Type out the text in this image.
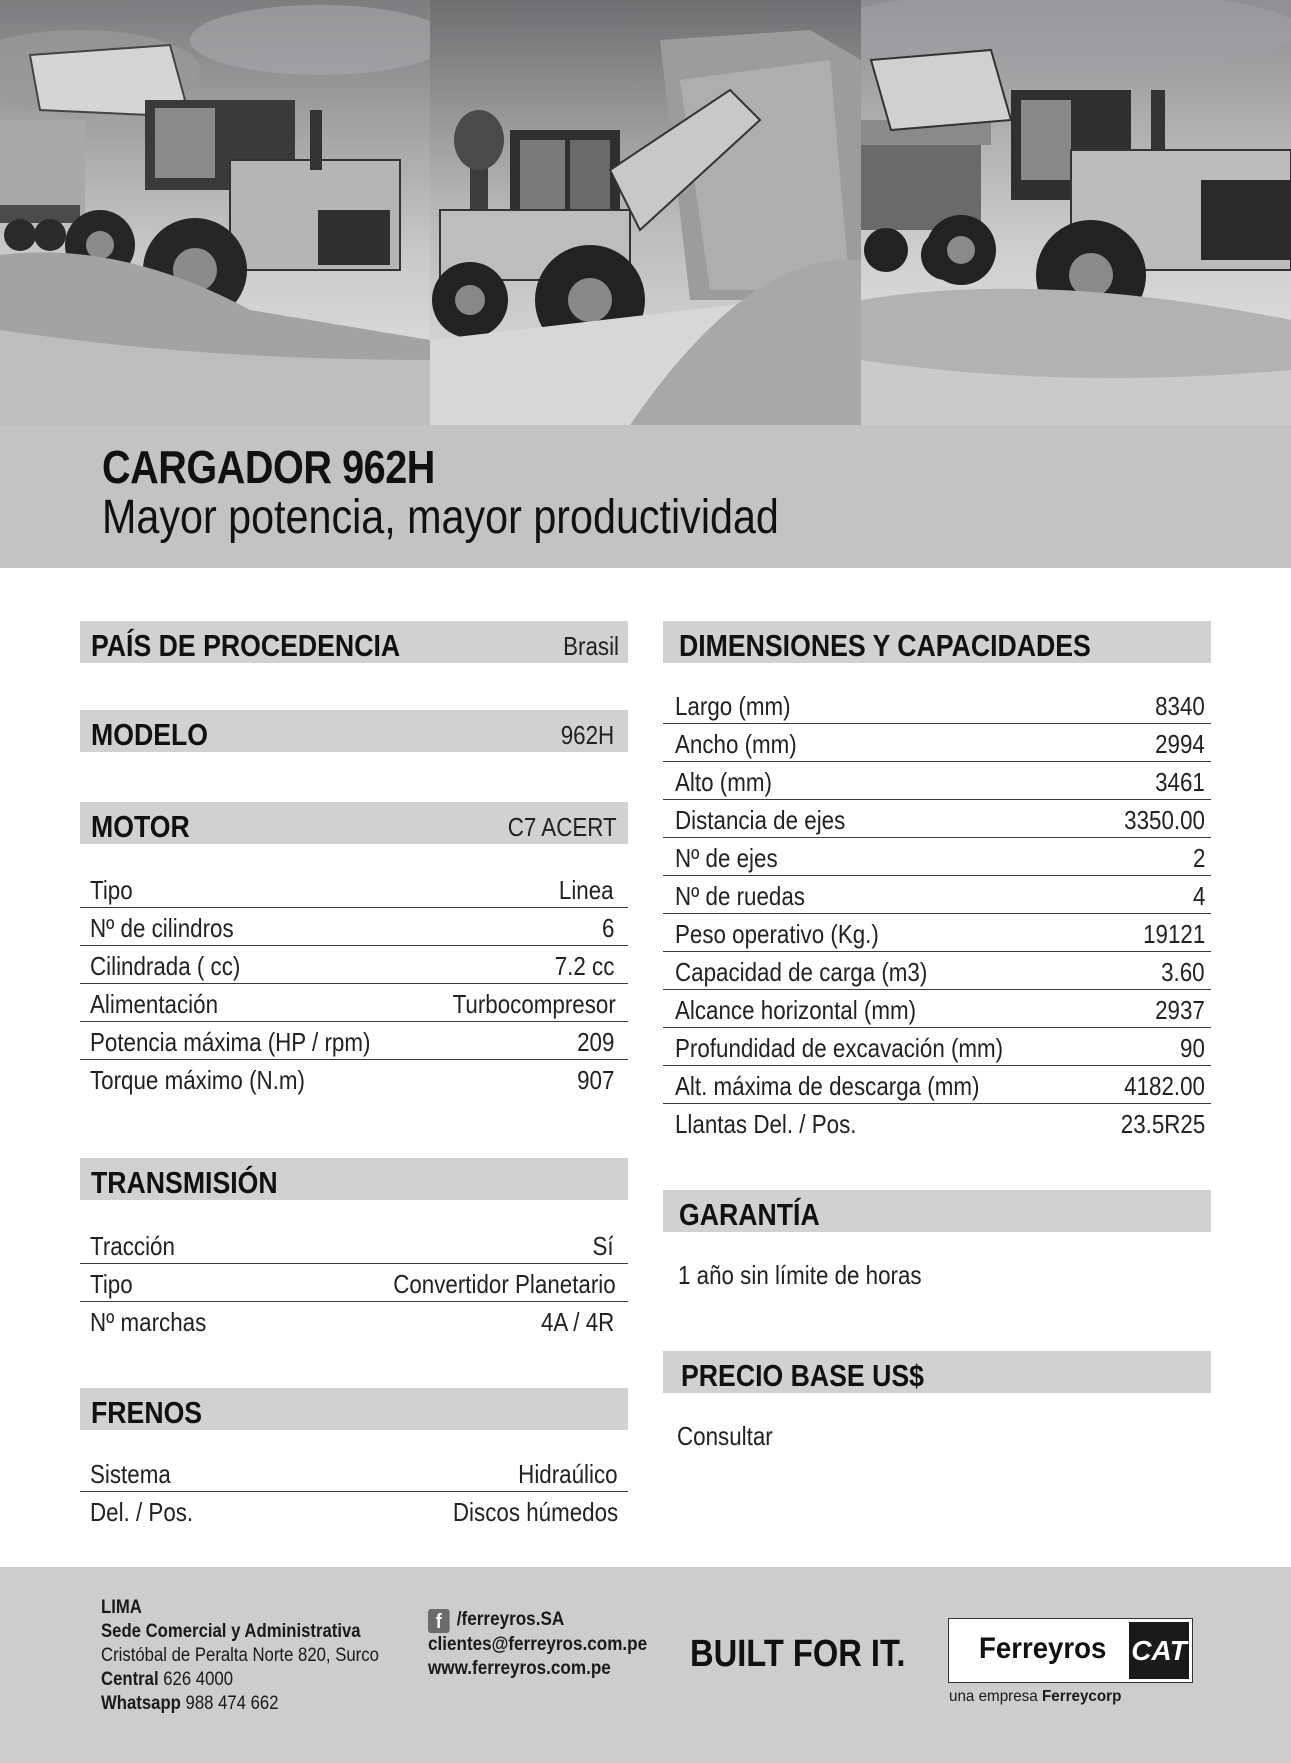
CARGADOR 962H
Mayor potencia, mayor productividad
PAÍS DE PROCEDENCIA	Brasil
MODELO	962H
MOTOR	C7 ACERT
Tipo	Linea
Nº de cilindros	6
Cilindrada ( cc)	7.2 cc
Alimentación	Turbocompresor
Potencia máxima (HP / rpm)	209
Torque máximo (N.m)	907
TRANSMISIÓN
Tracción	Sí
Tipo	Convertidor Planetario
Nº marchas	4A / 4R
FRENOS
Sistema	Hidraúlico
Del. / Pos.	Discos húmedos
DIMENSIONES Y CAPACIDADES
Largo (mm)	8340
Ancho (mm)	2994
Alto (mm)	3461
Distancia de ejes	3350.00
Nº de ejes	2
Nº de ruedas	4
Peso operativo (Kg.)	19121
Capacidad de carga (m3)	3.60
Alcance horizontal (mm)	2937
Profundidad de excavación (mm)	90
Alt. máxima de descarga (mm)	4182.00
Llantas Del. / Pos.	23.5R25
GARANTÍA
1 año sin límite de horas
PRECIO BASE US$
Consultar
LIMA
Sede Comercial y Administrativa
Cristóbal de Peralta Norte 820, Surco
Central 626 4000
Whatsapp 988 474 662
f /ferreyros.SA
clientes@ferreyros.com.pe
www.ferreyros.com.pe	BUILT FOR IT. Ferreyros CAT
una empresa Ferreycorp
